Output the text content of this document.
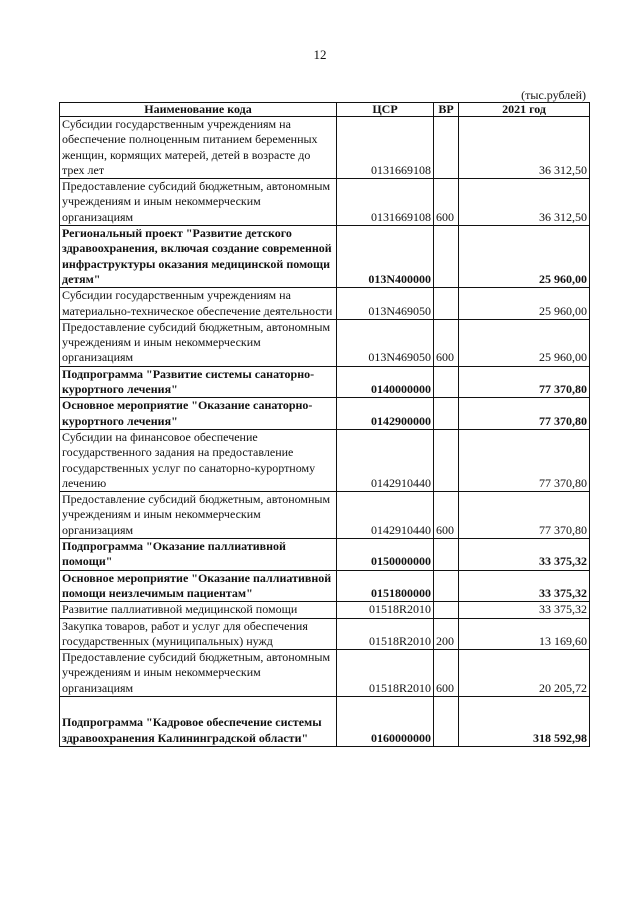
12
(тыс.рублей)
Наименование кода	ЦСР	ВР	2021 год
Субсидии государственным учреждениям на обеспечение полноценным питанием беременных женщин, кормящих матерей, детей в возрасте до трех лет	0131669108		36 312,50
Предоставление субсидий бюджетным, автономным учреждениям и иным некоммерческим организациям	0131669108	600	36 312,50
Региональный проект "Развитие детского здравоохранения, включая создание современной инфраструктуры оказания медицинской помощи детям"	013N400000		25 960,00
Субсидии государственным учреждениям на материально-техническое обеспечение деятельности	013N469050		25 960,00
Предоставление субсидий бюджетным, автономным учреждениям и иным некоммерческим организациям	013N469050	600	25 960,00
Подпрограмма "Развитие системы санаторно-курортного лечения"	0140000000		77 370,80
Основное мероприятие "Оказание санаторно-курортного лечения"	0142900000		77 370,80
Субсидии на финансовое обеспечение государственного задания на предоставление государственных услуг по санаторно-курортному лечению	0142910440		77 370,80
Предоставление субсидий бюджетным, автономным учреждениям и иным некоммерческим организациям	0142910440	600	77 370,80
Подпрограмма "Оказание паллиативной помощи"	0150000000		33 375,32
Основное мероприятие "Оказание паллиативной помощи неизлечимым пациентам"	0151800000		33 375,32
Развитие паллиативной медицинской помощи	01518R2010		33 375,32
Закупка товаров, работ и услуг для обеспечения государственных (муниципальных) нужд	01518R2010	200	13 169,60
Предоставление субсидий бюджетным, автономным учреждениям и иным некоммерческим организациям	01518R2010	600	20 205,72
Подпрограмма "Кадровое обеспечение системы здравоохранения Калининградской области"	0160000000		318 592,98
